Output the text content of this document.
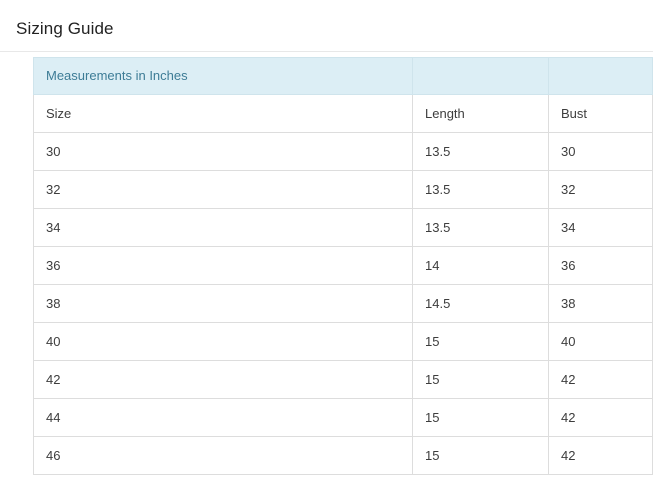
Sizing Guide
Measurements in Inches		

Size	Length	Bust

30	13.5	30

32	13.5	32

34	13.5	34

36	14	36

38	14.5	38

40	15	40

42	15	42

44	15	42

46	15	42
